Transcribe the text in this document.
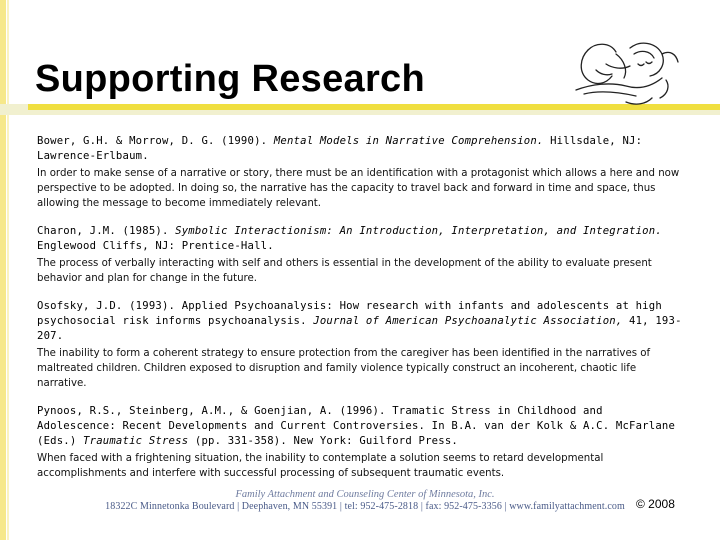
Supporting Research

Bower, G.H. & Morrow, D. G. (1990). Mental Models in Narrative Comprehension. Hillsdale, NJ: Lawrence-Erlbaum.

In order to make sense of a narrative or story, there must be an identification with a protagonist which allows a here and now perspective to be adopted. In doing so, the narrative has the capacity to travel back and forward in time and space, thus allowing the message to become immediately relevant.

Charon, J.M. (1985). Symbolic Interactionism: An Introduction, Interpretation, and Integration. Englewood Cliffs, NJ: Prentice-Hall.

The process of verbally interacting with self and others is essential in the development of the ability to evaluate present behavior and plan for change in the future.

Osofsky, J.D. (1993). Applied Psychoanalysis: How research with infants and adolescents at high psychosocial risk informs psychoanalysis. Journal of American Psychoanalytic Association, 41, 193-207.

The inability to form a coherent strategy to ensure protection from the caregiver has been identified in the narratives of maltreated children. Children exposed to disruption and family violence typically construct an incoherent, chaotic life narrative.

Pynoos, R.S., Steinberg, A.M., & Goenjian, A. (1996). Tramatic Stress in Childhood and Adolescence: Recent Developments and Current Controversies. In B.A. van der Kolk & A.C. McFarlane (Eds.) Traumatic Stress (pp. 331-358). New York: Guilford Press.

When faced with a frightening situation, the inability to contemplate a solution seems to retard developmental accomplishments and interfere with successful processing of subsequent traumatic events.

Family Attachment and Counseling Center of Minnesota, Inc.
18322C Minnetonka Boulevard | Deephaven, MN 55391 | tel: 952-475-2818 | fax: 952-475-3356 | www.familyattachment.com © 2008
